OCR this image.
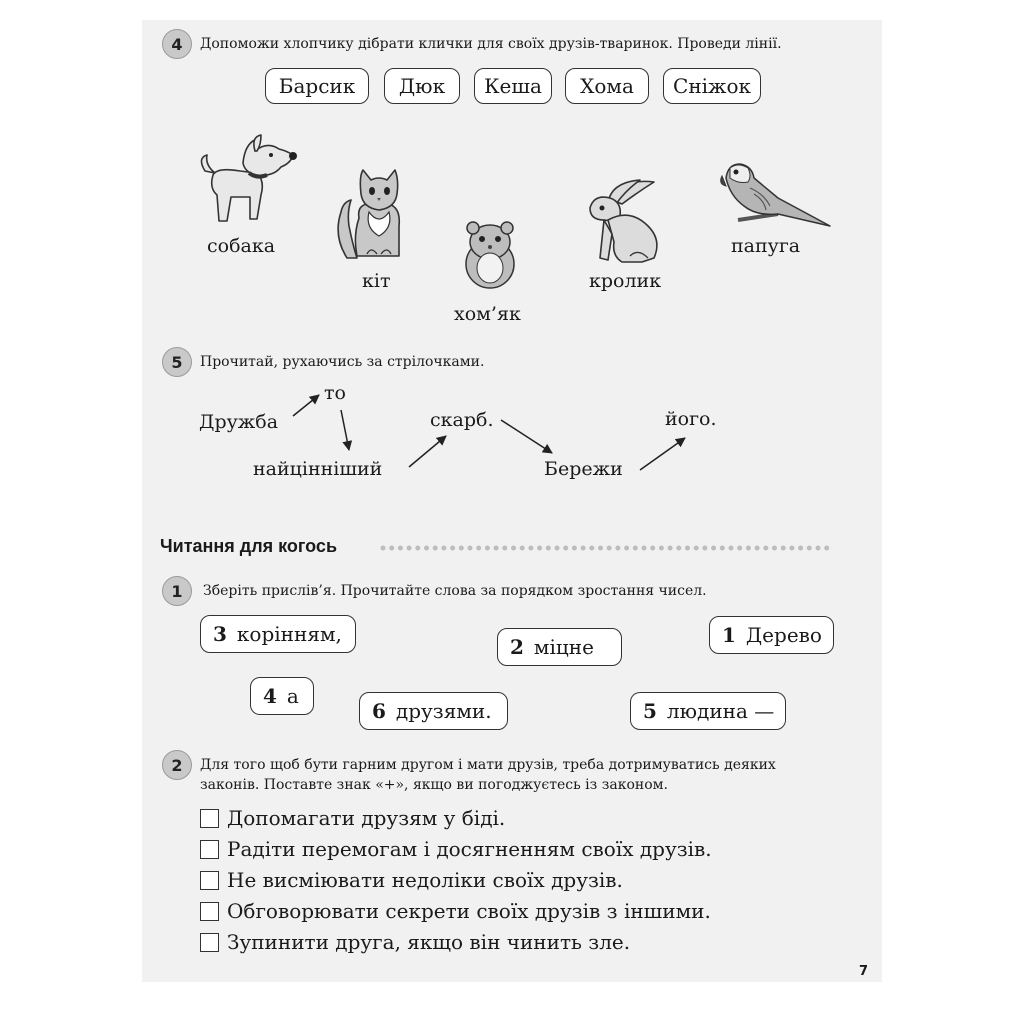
4	Допоможи хлопчику дібрати клички для своїх друзів-тваринок. Проведи лінії.
Барсик	Дюк	Кеша	Хома	Сніжок
собака
кіт
хом’як
кролик
папуга
5	Прочитай, рухаючись за стрілочками.
Дружба
то
найцінніший
скарб.
Бережи
його.
Читання для когось
1	Зберіть прислів’я. Прочитайте слова за порядком зростання чисел.
3 корінням,
2 міцне	1 Дерево
4 а
6 друзями.	5 людина —
2	Для того щоб бути гарним другом і мати друзів, треба дотримуватись деяких
законів. Поставте знак «+», якщо ви погоджуєтесь із законом.
Допомагати друзям у біді.
Радіти перемогам і досягненням своїх друзів.
Не висміювати недоліки своїх друзів.
Обговорювати секрети своїх друзів з іншими.
Зупинити друга, якщо він чинить зле.
7
